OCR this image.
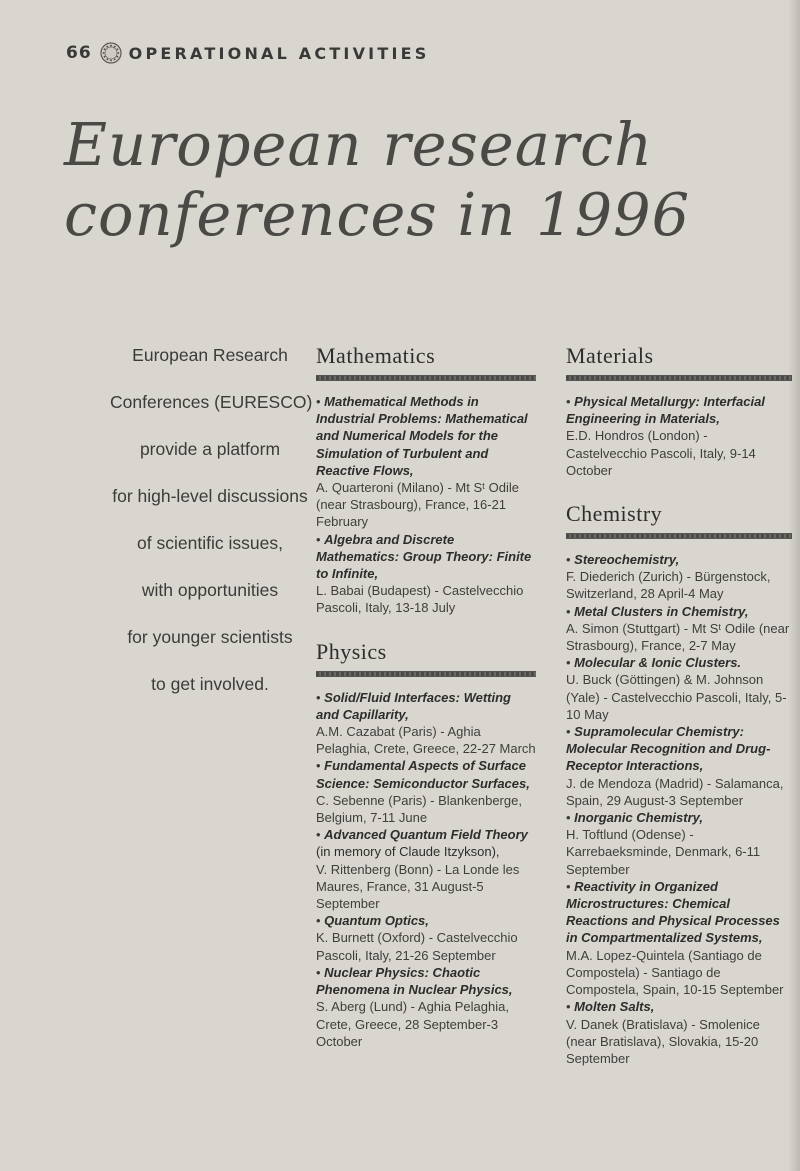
66 OPERATIONAL ACTIVITIES
European research
conferences in 1996
European Research
Conferences (EURESCO)
provide a platform
for high-level discussions
of scientific issues,
with opportunities
for younger scientists
to get involved.
Mathematics
• Mathematical Methods in Industrial Problems: Mathematical and Numerical Models for the Simulation of Turbulent and Reactive Flows,
A. Quarteroni (Milano) - Mt Sᵗ Odile (near Strasbourg), France, 16-21 February
• Algebra and Discrete Mathematics: Group Theory: Finite to Infinite,
L. Babai (Budapest) - Castelvecchio Pascoli, Italy, 13-18 July
Physics
• Solid/Fluid Interfaces: Wetting and Capillarity,
A.M. Cazabat (Paris) - Aghia Pelaghia, Crete, Greece, 22-27 March
• Fundamental Aspects of Surface Science: Semiconductor Surfaces,
C. Sebenne (Paris) - Blankenberge, Belgium, 7-11 June
• Advanced Quantum Field Theory
(in memory of Claude Itzykson),
V. Rittenberg (Bonn) - La Londe les Maures, France, 31 August-5 September
• Quantum Optics,
K. Burnett (Oxford) - Castelvecchio Pascoli, Italy, 21-26 September
• Nuclear Physics: Chaotic Phenomena in Nuclear Physics,
S. Aberg (Lund) - Aghia Pelaghia, Crete, Greece, 28 September-3 October
Materials
• Physical Metallurgy: Interfacial Engineering in Materials,
E.D. Hondros (London) - Castelvecchio Pascoli, Italy, 9-14 October
Chemistry
• Stereochemistry,
F. Diederich (Zurich) - Bürgenstock, Switzerland, 28 April-4 May
• Metal Clusters in Chemistry,
A. Simon (Stuttgart) - Mt Sᵗ Odile (near Strasbourg), France, 2-7 May
• Molecular & Ionic Clusters.
U. Buck (Göttingen) & M. Johnson (Yale) - Castelvecchio Pascoli, Italy, 5-10 May
• Supramolecular Chemistry: Molecular Recognition and Drug-Receptor Interactions,
J. de Mendoza (Madrid) - Salamanca, Spain, 29 August-3 September
• Inorganic Chemistry,
H. Toftlund (Odense) - Karrebaeksminde, Denmark, 6-11 September
• Reactivity in Organized Microstructures: Chemical Reactions and Physical Processes in Compartmentalized Systems,
M.A. Lopez-Quintela (Santiago de Compostela) - Santiago de Compostela, Spain, 10-15 September
• Molten Salts,
V. Danek (Bratislava) - Smolenice (near Bratislava), Slovakia, 15-20 September
